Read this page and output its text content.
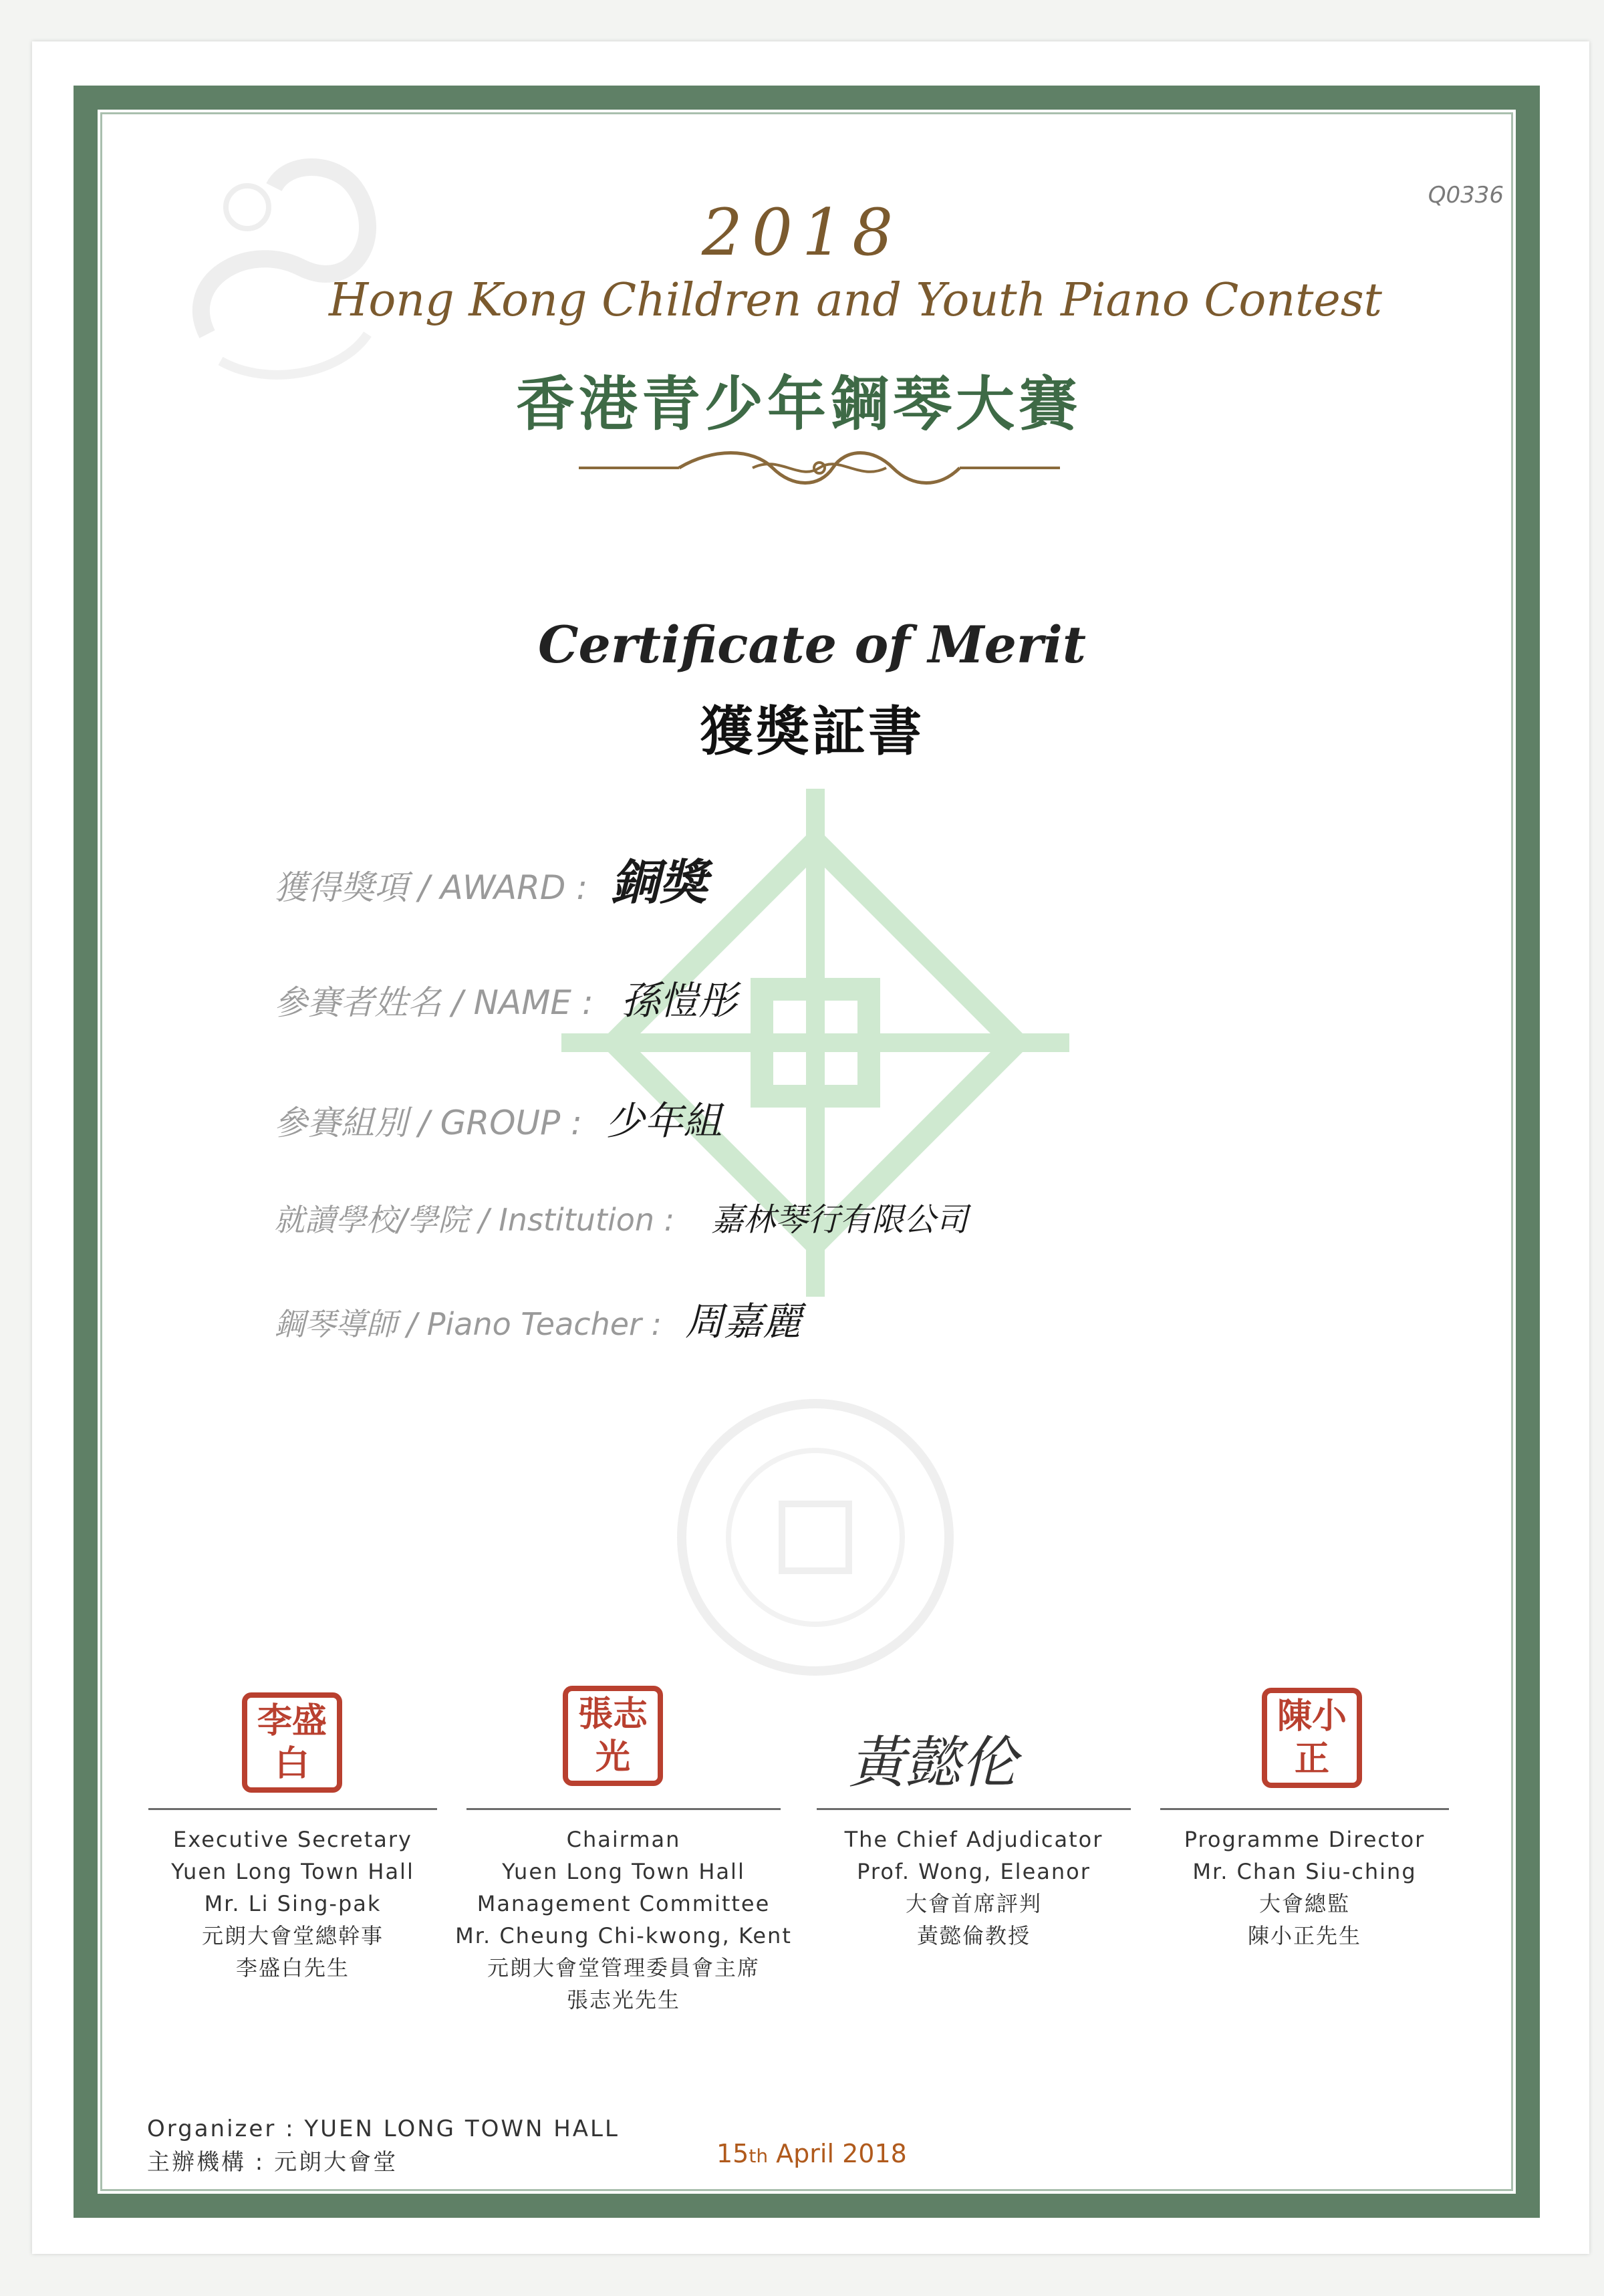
Q0336
2018
Hong Kong Children and Youth Piano Contest
香港青少年鋼琴大賽
Certificate of Merit
獲獎証書
獲得獎項 / AWARD : 銅獎
參賽者姓名 / NAME : 孫愷彤
參賽組別 / GROUP : 少年組
就讀學校/學院 / Institution : 嘉林琴行有限公司
鋼琴導師 / Piano Teacher : 周嘉麗
李盛白
張志光	黃懿伦
陳小正
Executive Secretary
Yuen Long Town Hall
Mr. Li Sing-pak
元朗大會堂總幹事
李盛白先生
Chairman
Yuen Long Town Hall
Management Committee
Mr. Cheung Chi-kwong, Kent
元朗大會堂管理委員會主席
張志光先生
The Chief Adjudicator
Prof. Wong, Eleanor
大會首席評判
黃懿倫教授
Programme Director
Mr. Chan Siu-ching
大會總監
陳小正先生
Organizer : YUEN LONG TOWN HALL
主辦機構 : 元朗大會堂	15th April 2018
